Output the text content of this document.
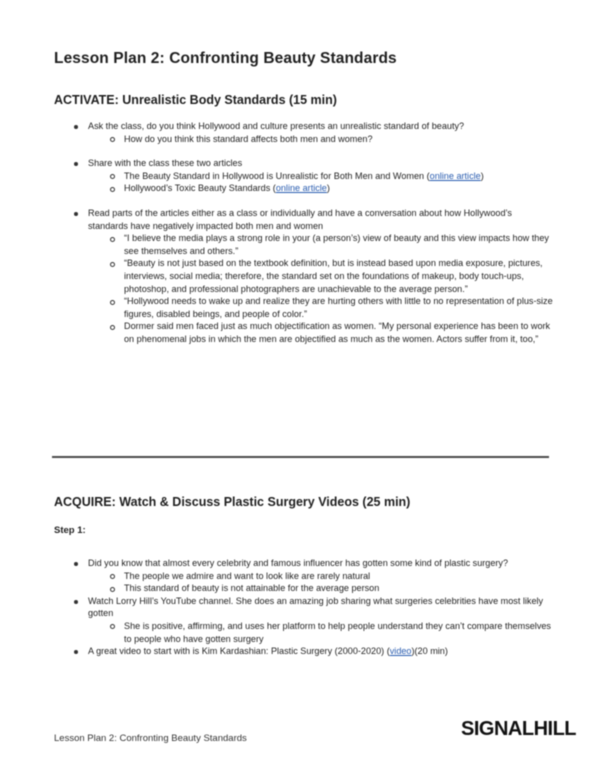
Lesson Plan 2: Confronting Beauty Standards
ACTIVATE: Unrealistic Body Standards (15 min)
Ask the class, do you think Hollywood and culture presents an unrealistic standard of beauty?
How do you think this standard affects both men and women?
Share with the class these two articles
The Beauty Standard in Hollywood is Unrealistic for Both Men and Women (online article)
Hollywood’s Toxic Beauty Standards (online article)
Read parts of the articles either as a class or individually and have a conversation about how Hollywood’s standards have negatively impacted both men and women
“I believe the media plays a strong role in your (a person’s) view of beauty and this view impacts how they see themselves and others.”
“Beauty is not just based on the textbook definition, but is instead based upon media exposure, pictures, interviews, social media; therefore, the standard set on the foundations of makeup, body touch-ups, photoshop, and professional photographers are unachievable to the average person.”
“Hollywood needs to wake up and realize they are hurting others with little to no representation of plus-size figures, disabled beings, and people of color.”
Dormer said men faced just as much objectification as women. “My personal experience has been to work on phenomenal jobs in which the men are objectified as much as the women. Actors suffer from it, too,”
ACQUIRE: Watch & Discuss Plastic Surgery Videos (25 min)

Step 1:

Did you know that almost every celebrity and famous influencer has gotten some kind of plastic surgery?
The people we admire and want to look like are rarely natural
This standard of beauty is not attainable for the average person
Watch Lorry Hill’s YouTube channel. She does an amazing job sharing what surgeries celebrities have most likely gotten
She is positive, affirming, and uses her platform to help people understand they can’t compare themselves to people who have gotten surgery
A great video to start with is Kim Kardashian: Plastic Surgery (2000-2020) (video)(20 min)
Lesson Plan 2: Confronting Beauty Standards	SIGNALHILL
